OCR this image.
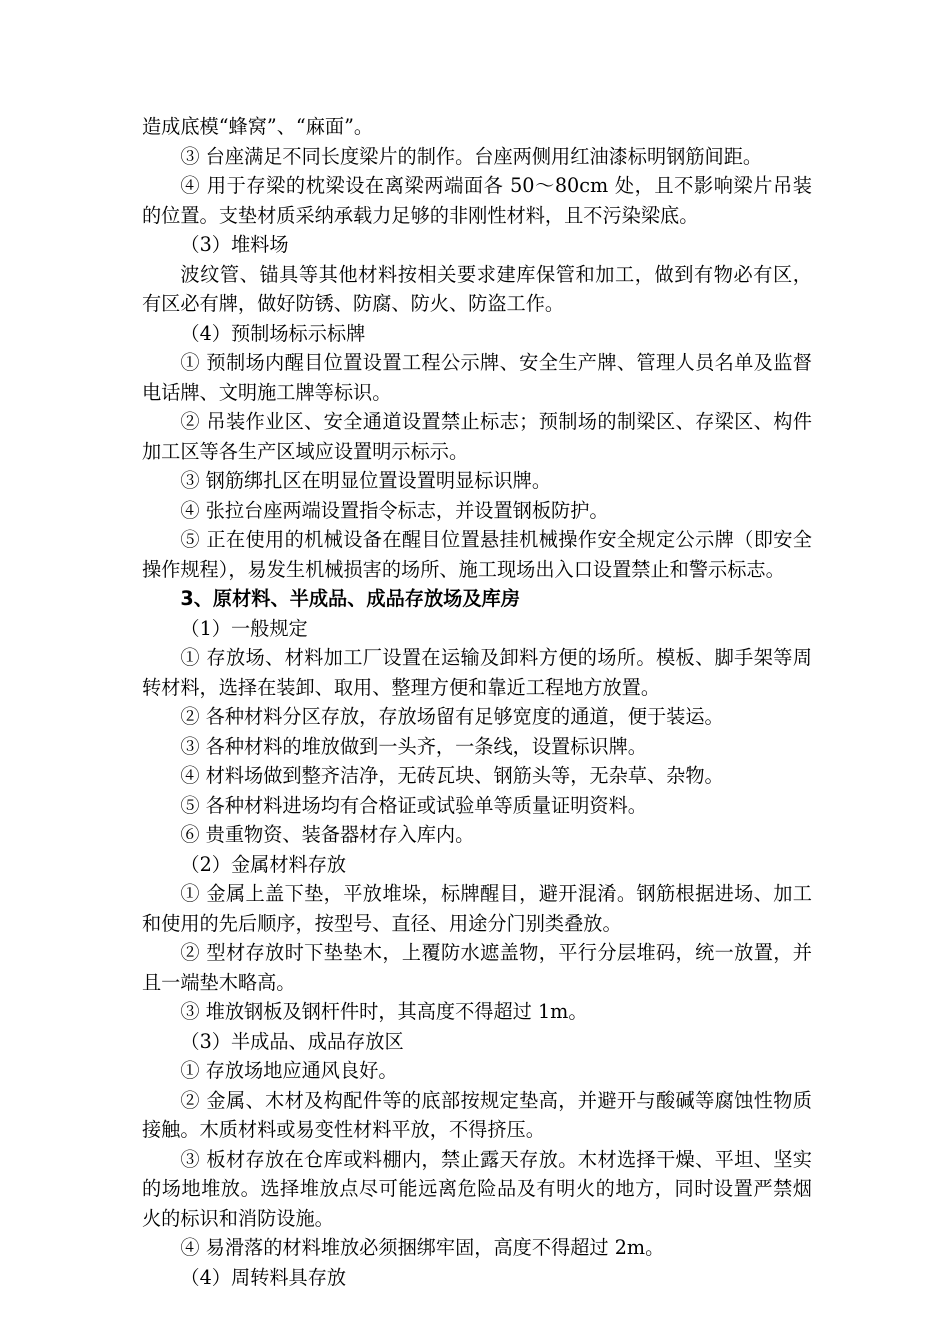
造成底模“蜂窝”、“麻面”。

③ 台座满足不同长度梁片的制作。台座两侧用红油漆标明钢筋间距。

④ 用于存梁的枕梁设在离梁两端面各 50～80cm 处，且不影响梁片吊装的位置。支垫材质采纳承载力足够的非刚性材料，且不污染梁底。

（3）堆料场

波纹管、锚具等其他材料按相关要求建库保管和加工，做到有物必有区，有区必有牌，做好防锈、防腐、防火、防盗工作。

（4）预制场标示标牌

① 预制场内醒目位置设置工程公示牌、安全生产牌、管理人员名单及监督电话牌、文明施工牌等标识。

② 吊装作业区、安全通道设置禁止标志；预制场的制梁区、存梁区、构件加工区等各生产区域应设置明示标示。

③ 钢筋绑扎区在明显位置设置明显标识牌。

④ 张拉台座两端设置指令标志，并设置钢板防护。

⑤ 正在使用的机械设备在醒目位置悬挂机械操作安全规定公示牌（即安全操作规程），易发生机械损害的场所、施工现场出入口设置禁止和警示标志。

3、原材料、半成品、成品存放场及库房

（1）一般规定

① 存放场、材料加工厂设置在运输及卸料方便的场所。模板、脚手架等周转材料，选择在装卸、取用、整理方便和靠近工程地方放置。

② 各种材料分区存放，存放场留有足够宽度的通道，便于装运。

③ 各种材料的堆放做到一头齐，一条线，设置标识牌。

④ 材料场做到整齐洁净，无砖瓦块、钢筋头等，无杂草、杂物。

⑤ 各种材料进场均有合格证或试验单等质量证明资料。

⑥ 贵重物资、装备器材存入库内。

（2）金属材料存放

① 金属上盖下垫，平放堆垛，标牌醒目，避开混淆。钢筋根据进场、加工和使用的先后顺序，按型号、直径、用途分门别类叠放。

② 型材存放时下垫垫木，上覆防水遮盖物，平行分层堆码，统一放置，并且一端垫木略高。

③ 堆放钢板及钢杆件时，其高度不得超过 1m。

（3）半成品、成品存放区

① 存放场地应通风良好。

② 金属、木材及构配件等的底部按规定垫高，并避开与酸碱等腐蚀性物质接触。木质材料或易变性材料平放，不得挤压。

③ 板材存放在仓库或料棚内，禁止露天存放。木材选择干燥、平坦、坚实的场地堆放。选择堆放点尽可能远离危险品及有明火的地方，同时设置严禁烟火的标识和消防设施。

④ 易滑落的材料堆放必须捆绑牢固，高度不得超过 2m。

（4）周转料具存放
